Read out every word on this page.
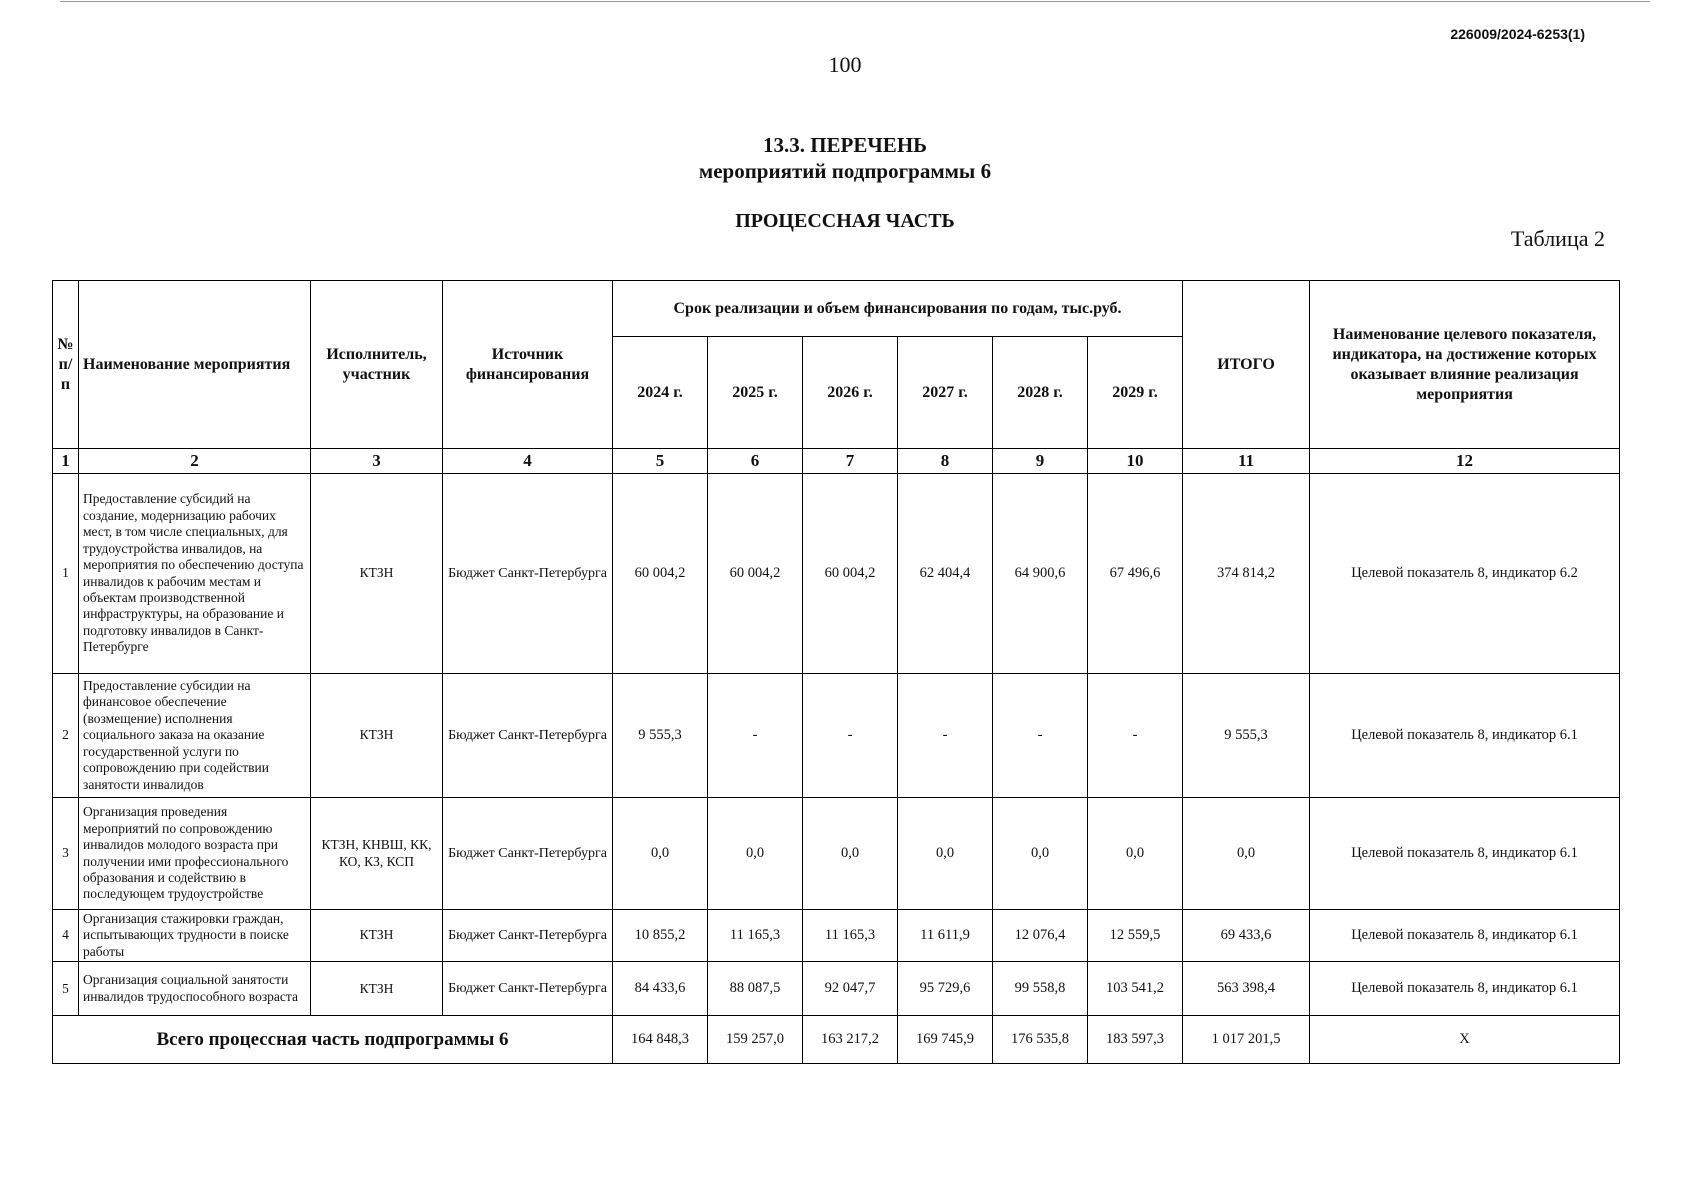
226009/2024-6253(1)
100
13.3. ПЕРЕЧЕНЬ
мероприятий подпрограммы 6
ПРОЦЕССНАЯ ЧАСТЬ
Таблица 2
№ п/п	Наименование мероприятия	Исполнитель, участник	Источник финансирования	Срок реализации и объем финансирования по годам, тыс.руб.						ИТОГО	Наименование целевого показателя, индикатора, на достижение которых оказывает влияние реализация мероприятия
				2024 г.	2025 г.	2026 г.	2027 г.	2028 г.	2029 г.		
1	2	3	4	5	6	7	8	9	10	11	12
1	Предоставление субсидий на создание, модернизацию рабочих мест, в том числе специальных, для трудоустройства инвалидов, на мероприятия по обеспечению доступа инвалидов к рабочим местам и объектам производственной инфраструктуры, на образование и подготовку инвалидов в Санкт-Петербурге	КТЗН	Бюджет Санкт-Петербурга	60 004,2	60 004,2	60 004,2	62 404,4	64 900,6	67 496,6	374 814,2	Целевой показатель 8, индикатор 6.2
2	Предоставление субсидии на финансовое обеспечение (возмещение) исполнения социального заказа на оказание государственной услуги по сопровождению при содействии занятости инвалидов	КТЗН	Бюджет Санкт-Петербурга	9 555,3	-	-	-	-	-	9 555,3	Целевой показатель 8, индикатор 6.1
3	Организация проведения мероприятий по сопровождению инвалидов молодого возраста при получении ими профессионального образования и содействию в последующем трудоустройстве	КТЗН, КНВШ, КК, КО, КЗ, КСП	Бюджет Санкт-Петербурга	0,0	0,0	0,0	0,0	0,0	0,0	0,0	Целевой показатель 8, индикатор 6.1
4	Организация стажировки граждан, испытывающих трудности в поиске работы	КТЗН	Бюджет Санкт-Петербурга	10 855,2	11 165,3	11 165,3	11 611,9	12 076,4	12 559,5	69 433,6	Целевой показатель 8, индикатор 6.1
5	Организация социальной занятости инвалидов трудоспособного возраста	КТЗН	Бюджет Санкт-Петербурга	84 433,6	88 087,5	92 047,7	95 729,6	99 558,8	103 541,2	563 398,4	Целевой показатель 8, индикатор 6.1
Всего процессная часть подпрограммы 6				164 848,3	159 257,0	163 217,2	169 745,9	176 535,8	183 597,3	1 017 201,5	X
